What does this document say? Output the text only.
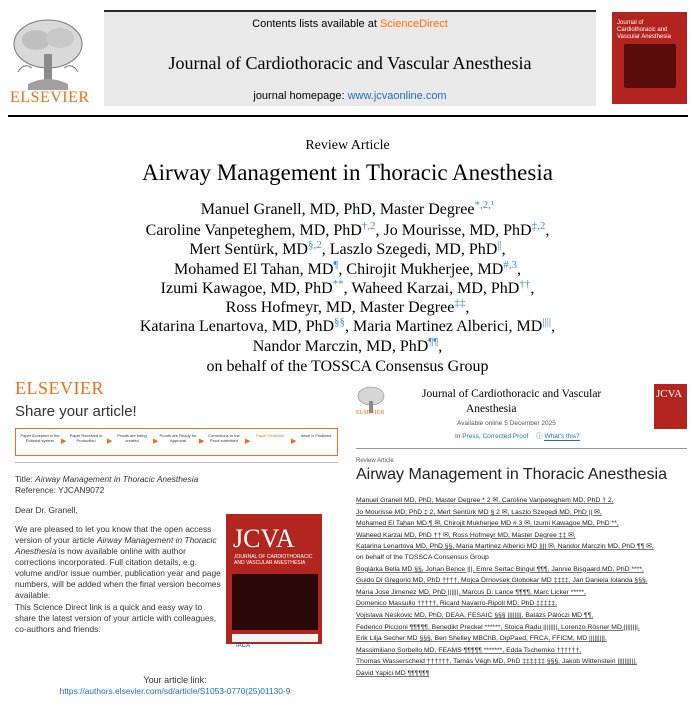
ELSEVIER
Contents lists available at ScienceDirect
Journal of Cardiothoracic and Vascular Anesthesia
journal homepage: www.jcvaonline.com
Journal of Cardiothoracic and Vascular Anesthesia
Review Article
Airway Management in Thoracic Anesthesia
Manuel Granell, MD, PhD, Master Degree$^{*,2,^1}$
Caroline Vanpeteghem, MD, PhD$^{\dagger,2}$, Jo Mourisse, MD, PhD$^{\ddagger,2}$,
Mert Sentürk, $MD^{\S,2}$, Laszlo Szegedi, MD, PhD||,
Mohamed El Tahan, MD¶, Chirojit Mukherjee, $MD^{\#,3}$,
Izumi Kawagoe, MD, PhD**, Waheed Karzai, MD, PhD††,
Ross Hofmeyr, MD, Master Degree‡‡,
Katarina Lenartova, MD, PhD§§, Maria Martinez Alberici, MD||||,
Nandor Marczin, MD, PhD¶¶,
on behalf of the TOSSCA Consensus Group
ELSEVIER
Share your article!
Paper Accepted in the Editorial system ▶
Paper Received in Production	▶
Proofs are being created	▶
Proofs are Ready for Approval	▶
Corrections to the Proof submitted	▶
Paper Finalized
▶
Issue is Finalized
Title: Airway Management in Thoracic Anesthesia
Reference: YJCAN9072
Dear Dr. Granell,
We are pleased to let you know that the open access version of your article Airway Management in Thoracic Anesthesia is now available online with author corrections incorporated. Full citation details, e.g. volume and/or issue number, publication year and page numbers, will be added when the final version becomes available.
This Science Direct link is a quick and easy way to share the latest version of your article with colleagues, co-authors and friends.
JCVA
JOURNAL OF CARDIOTHORACIC AND VASCULAR ANESTHESIA
IACA
Your article link:
https://authors.elsevier.com/sd/article/S1053-0770(25)01130-9
ELSEVIER
Journal of Cardiothoracic and Vascular
Anesthesia
Available online 5 December 2025
In Press, Corrected Proof ⓘ What's this?
JCVA
Review Article
Airway Management in Thoracic Anesthesia
Manuel Granell MD, PhD, Master Degree * 2 ✉, Caroline Vanpeteghem MD, PhD † 2,
Jo Mourisse MD, PhD ‡ 2, Mert Sentürk MD § 2 ✉, Laszlo Szegedi MD, PhD || ✉,
Mohamed El Tahan MD ¶ ✉, Chirojit Mukherjee MD # 3 ✉, Izumi Kawagoe MD, PhD **,
Waheed Karzai MD, PhD †† ✉, Ross Hofmeyr MD, Master Degree ‡‡ ✉,
Katarina Lenartova MD, PhD §§, Maria Martinez Alberici MD |||| ✉, Nandor Marczin MD, PhD ¶¶ ✉,
on behalf of the TOSSCA Consensus Group
Boglárka Bella MD §§, Johan Bence |||, Emre Sertac Bingul ¶¶¶, Jannie Bisgaard MD, PhD ****,
Guido Di Gregorio MD, PhD ††††, Mojca Drnovsek Globokar MD ‡‡‡‡, Jan Daniela Iolanda §§§,
Maria Jose Jimenez MD, PhD ||||||, Marcus D. Lance ¶¶¶¶, Marc Licker *****,
Domenico Massullo †††††, Ricard Navarro-Ripoll MD, PhD ‡‡‡‡‡,
Vojislava Neskovic MD, PhD, DEAA, FESAIC §§§ ||||||||, Balázs Pálóczi MD ¶¶,
Federico Piccioni ¶¶¶¶¶, Benedikt Preckel ******, Stoica Radu ||||||||, Lorenzo Rösner MD ||||||||,
Erik Lilja Secher MD §§§, Ben Shelley MBChB, DipPaed, FRCA, FFICM, MD |||||||||,
Massimiliano Sorbello MD, FEAMS ¶¶¶¶¶ *******, Edda Tschernko ††††††,
Thomas Wasserscheid ††††††, Tamás Végh MD, PhD ‡‡‡‡‡‡ §§§, Jakob Wittenstein ||||||||||,
David Yapici MD ¶¶¶¶¶¶
